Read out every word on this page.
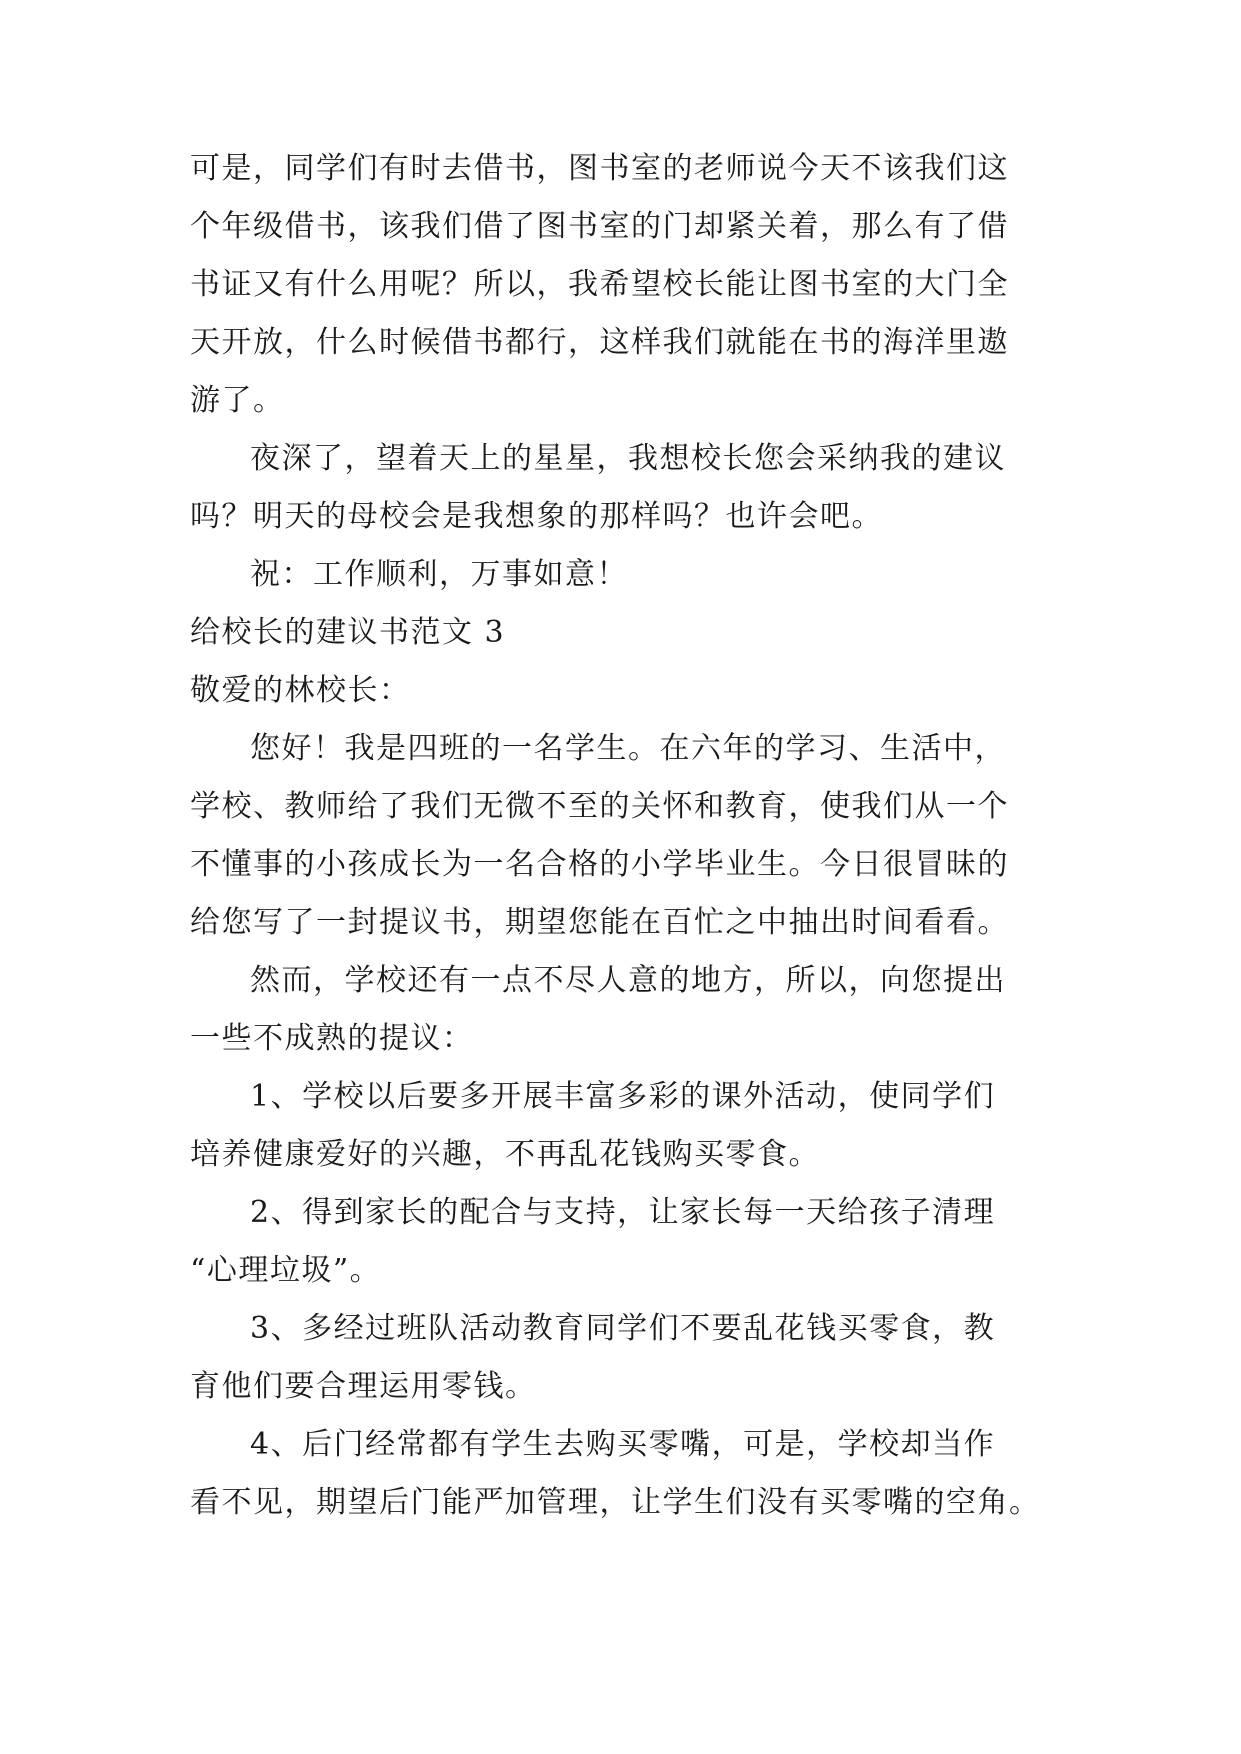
可是，同学们有时去借书，图书室的老师说今天不该我们这
个年级借书，该我们借了图书室的门却紧关着，那么有了借
书证又有什么用呢？所以，我希望校长能让图书室的大门全
天开放，什么时候借书都行，这样我们就能在书的海洋里遨
游了。
夜深了，望着天上的星星，我想校长您会采纳我的建议
吗？明天的母校会是我想象的那样吗？也许会吧。
祝：工作顺利，万事如意！
给校长的建议书范文 3
敬爱的林校长：
您好！我是四班的一名学生。在六年的学习、生活中，
学校、教师给了我们无微不至的关怀和教育，使我们从一个
不懂事的小孩成长为一名合格的小学毕业生。今日很冒昧的
给您写了一封提议书，期望您能在百忙之中抽出时间看看。
然而，学校还有一点不尽人意的地方，所以，向您提出
一些不成熟的提议：
1、学校以后要多开展丰富多彩的课外活动，使同学们
培养健康爱好的兴趣，不再乱花钱购买零食。
2、得到家长的配合与支持，让家长每一天给孩子清理
“心理垃圾”。
3、多经过班队活动教育同学们不要乱花钱买零食，教
育他们要合理运用零钱。
4、后门经常都有学生去购买零嘴，可是，学校却当作
看不见，期望后门能严加管理，让学生们没有买零嘴的空角。
